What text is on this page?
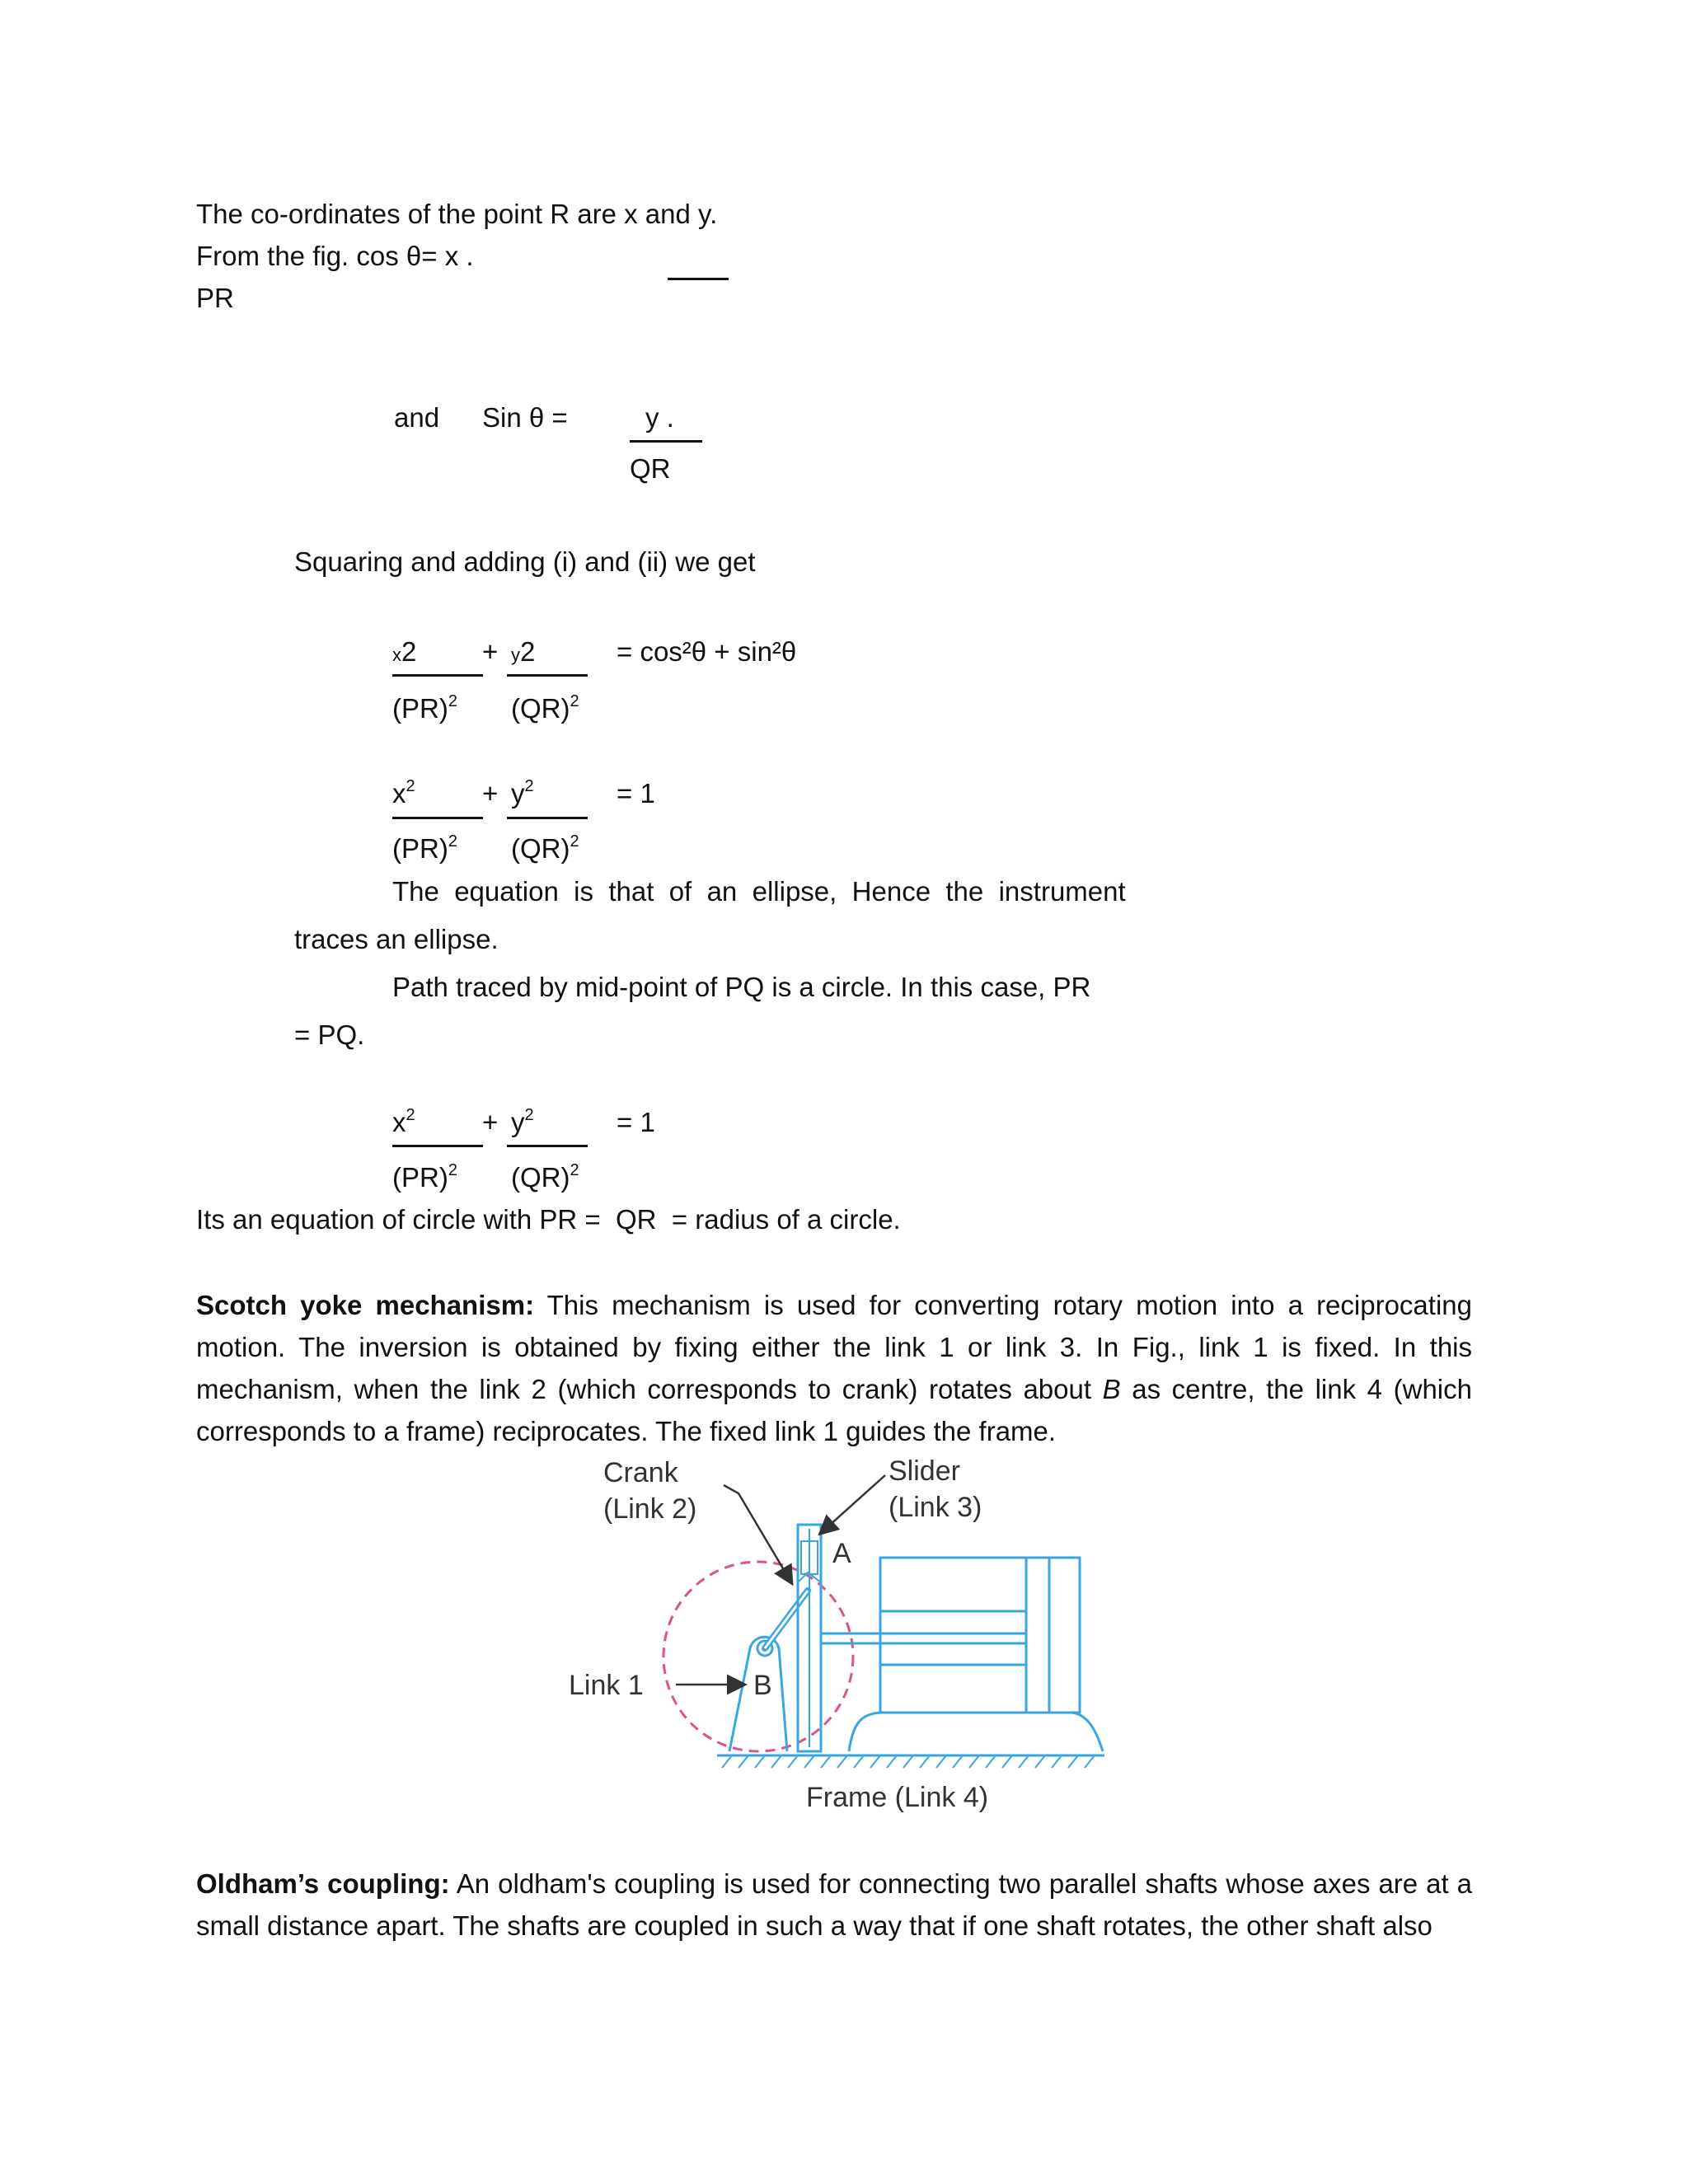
The co-ordinates of the point R are x and y.
From the fig. cos θ= x .
PR
and Sin θ =	y .
QR
Squaring and adding (i) and (ii) we get
x2 + y2	= cos²θ + sin²θ
(PR)$^2$ (QR)$^2$
$x^2 + y^2$	= 1
(PR)$^2$ (QR)$^2$
The  equation  is  that  of  an  ellipse,  Hence  the  instrument
traces an ellipse.
Path traced by mid-point of PQ is a circle. In this case, PR
= PQ.
$x^2 + y^2$	= 1
(PR)$^2$ (QR)$^2$
Its an equation of circle with PR =  QR  = radius of a circle.
Scotch yoke mechanism: This mechanism is used for converting rotary motion into a reciprocating motion. The inversion is obtained by fixing either the link 1 or link 3. In Fig., link 1 is fixed. In this mechanism, when the link 2 (which corresponds to crank) rotates about B as centre, the link 4 (which corresponds to a frame) reciprocates. The fixed link 1 guides the frame.
Crank
(Link 2)
Slider
(Link 3)
A
B
Link 1
Frame (Link 4)
Oldham’s coupling: An oldham's coupling is used for connecting two parallel shafts whose axes are at a small distance apart. The shafts are coupled in such a way that if one shaft rotates, the other shaft also
